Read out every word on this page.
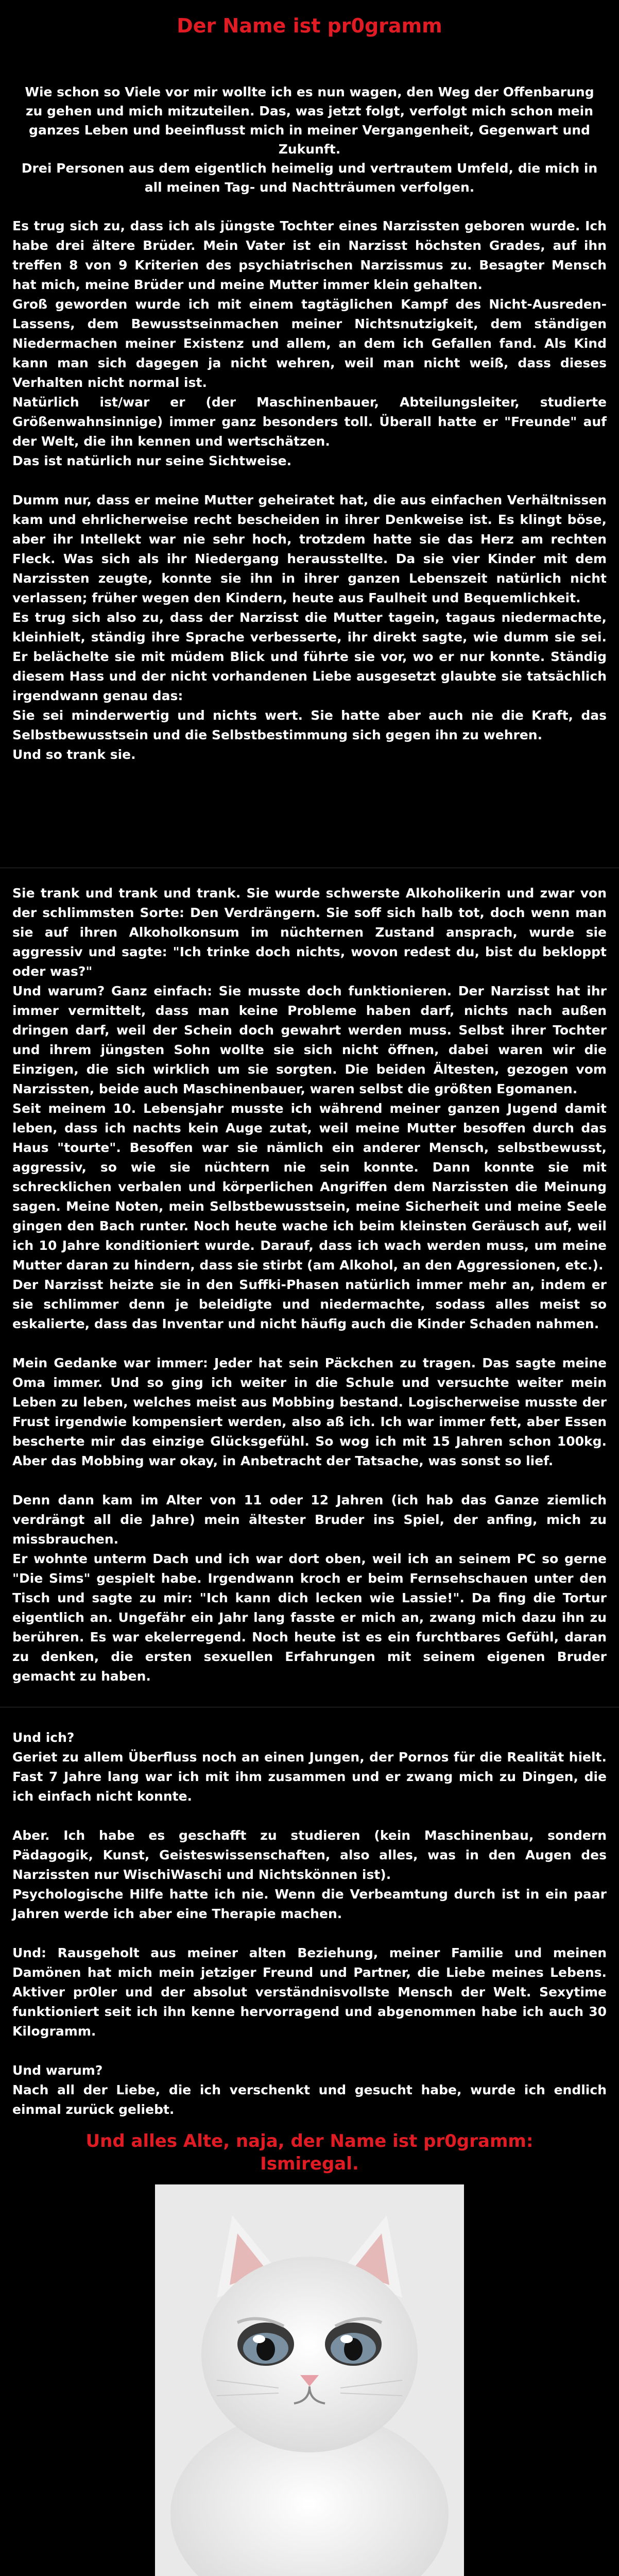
Der Name ist pr0gramm

Wie schon so Viele vor mir wollte ich es nun wagen, den Weg der Offenbarung zu gehen und mich mitzuteilen. Das, was jetzt folgt, verfolgt mich schon mein ganzes Leben und beeinflusst mich in meiner Vergangenheit, Gegenwart und Zukunft.

Drei Personen aus dem eigentlich heimelig und vertrautem Umfeld, die mich in all meinen Tag- und Nachtträumen verfolgen.

Es trug sich zu, dass ich als jüngste Tochter eines Narzissten geboren wurde. Ich habe drei ältere Brüder. Mein Vater ist ein Narzisst höchsten Grades, auf ihn treffen 8 von 9 Kriterien des psychiatrischen Narzissmus zu. Besagter Mensch hat mich, meine Brüder und meine Mutter immer klein gehalten.

Groß geworden wurde ich mit einem tagtäglichen Kampf des Nicht-Ausreden-Lassens, dem Bewusstseinmachen meiner Nichtsnutzigkeit, dem ständigen Niedermachen meiner Existenz und allem, an dem ich Gefallen fand. Als Kind kann man sich dagegen ja nicht wehren, weil man nicht weiß, dass dieses Verhalten nicht normal ist.

Natürlich ist/war er (der Maschinenbauer, Abteilungsleiter, studierte Größenwahnsinnige) immer ganz besonders toll. Überall hatte er "Freunde" auf der Welt, die ihn kennen und wertschätzen.

Das ist natürlich nur seine Sichtweise.

Dumm nur, dass er meine Mutter geheiratet hat, die aus einfachen Verhältnissen kam und ehrlicherweise recht bescheiden in ihrer Denkweise ist. Es klingt böse, aber ihr Intellekt war nie sehr hoch, trotzdem hatte sie das Herz am rechten Fleck. Was sich als ihr Niedergang herausstellte. Da sie vier Kinder mit dem Narzissten zeugte, konnte sie ihn in ihrer ganzen Lebenszeit natürlich nicht verlassen; früher wegen den Kindern, heute aus Faulheit und Bequemlichkeit.

Es trug sich also zu, dass der Narzisst die Mutter tagein, tagaus niedermachte, kleinhielt, ständig ihre Sprache verbesserte, ihr direkt sagte, wie dumm sie sei. Er belächelte sie mit müdem Blick und führte sie vor, wo er nur konnte. Ständig diesem Hass und der nicht vorhandenen Liebe ausgesetzt glaubte sie tatsächlich irgendwann genau das:

Sie sei minderwertig und nichts wert. Sie hatte aber auch nie die Kraft, das Selbstbewusstsein und die Selbstbestimmung sich gegen ihn zu wehren.

Und so trank sie.

Sie trank und trank und trank. Sie wurde schwerste Alkoholikerin und zwar von der schlimmsten Sorte: Den Verdrängern. Sie soff sich halb tot, doch wenn man sie auf ihren Alkoholkonsum im nüchternen Zustand ansprach, wurde sie aggressiv und sagte: "Ich trinke doch nichts, wovon redest du, bist du bekloppt oder was?"

Und warum? Ganz einfach: Sie musste doch funktionieren. Der Narzisst hat ihr immer vermittelt, dass man keine Probleme haben darf, nichts nach außen dringen darf, weil der Schein doch gewahrt werden muss. Selbst ihrer Tochter und ihrem jüngsten Sohn wollte sie sich nicht öffnen, dabei waren wir die Einzigen, die sich wirklich um sie sorgten. Die beiden Ältesten, gezogen vom Narzissten, beide auch Maschinenbauer, waren selbst die größten Egomanen.

Seit meinem 10. Lebensjahr musste ich während meiner ganzen Jugend damit leben, dass ich nachts kein Auge zutat, weil meine Mutter besoffen durch das Haus "tourte". Besoffen war sie nämlich ein anderer Mensch, selbstbewusst, aggressiv, so wie sie nüchtern nie sein konnte. Dann konnte sie mit schrecklichen verbalen und körperlichen Angriffen dem Narzissten die Meinung sagen. Meine Noten, mein Selbstbewusstsein, meine Sicherheit und meine Seele gingen den Bach runter. Noch heute wache ich beim kleinsten Geräusch auf, weil ich 10 Jahre konditioniert wurde. Darauf, dass ich wach werden muss, um meine Mutter daran zu hindern, dass sie stirbt (am Alkohol, an den Aggressionen, etc.).

Der Narzisst heizte sie in den Suffki-Phasen natürlich immer mehr an, indem er sie schlimmer denn je beleidigte und niedermachte, sodass alles meist so eskalierte, dass das Inventar und nicht häufig auch die Kinder Schaden nahmen.

Mein Gedanke war immer: Jeder hat sein Päckchen zu tragen. Das sagte meine Oma immer. Und so ging ich weiter in die Schule und versuchte weiter mein Leben zu leben, welches meist aus Mobbing bestand. Logischerweise musste der Frust irgendwie kompensiert werden, also aß ich. Ich war immer fett, aber Essen bescherte mir das einzige Glücksgefühl. So wog ich mit 15 Jahren schon 100kg. Aber das Mobbing war okay, in Anbetracht der Tatsache, was sonst so lief.

Denn dann kam im Alter von 11 oder 12 Jahren (ich hab das Ganze ziemlich verdrängt all die Jahre) mein ältester Bruder ins Spiel, der anfing, mich zu missbrauchen.

Er wohnte unterm Dach und ich war dort oben, weil ich an seinem PC so gerne "Die Sims" gespielt habe. Irgendwann kroch er beim Fernsehschauen unter den Tisch und sagte zu mir: "Ich kann dich lecken wie Lassie!". Da fing die Tortur eigentlich an. Ungefähr ein Jahr lang fasste er mich an, zwang mich dazu ihn zu berühren. Es war ekelerregend. Noch heute ist es ein furchtbares Gefühl, daran zu denken, die ersten sexuellen Erfahrungen mit seinem eigenen Bruder gemacht zu haben.

Und ich?

Geriet zu allem Überfluss noch an einen Jungen, der Pornos für die Realität hielt. Fast 7 Jahre lang war ich mit ihm zusammen und er zwang mich zu Dingen, die ich einfach nicht konnte.

Aber. Ich habe es geschafft zu studieren (kein Maschinenbau, sondern Pädagogik, Kunst, Geisteswissenschaften, also alles, was in den Augen des Narzissten nur WischiWaschi und Nichtskönnen ist).

Psychologische Hilfe hatte ich nie. Wenn die Verbeamtung durch ist in ein paar Jahren werde ich aber eine Therapie machen.

Und: Rausgeholt aus meiner alten Beziehung, meiner Familie und meinen Damönen hat mich mein jetziger Freund und Partner, die Liebe meines Lebens. Aktiver pr0ler und der absolut verständnisvollste Mensch der Welt. Sexytime funktioniert seit ich ihn kenne hervorragend und abgenommen habe ich auch 30 Kilogramm.

Und warum?

Nach all der Liebe, die ich verschenkt und gesucht habe, wurde ich endlich einmal zurück geliebt.

Und alles Alte, naja, der Name ist pr0gramm:
Ismiregal.
